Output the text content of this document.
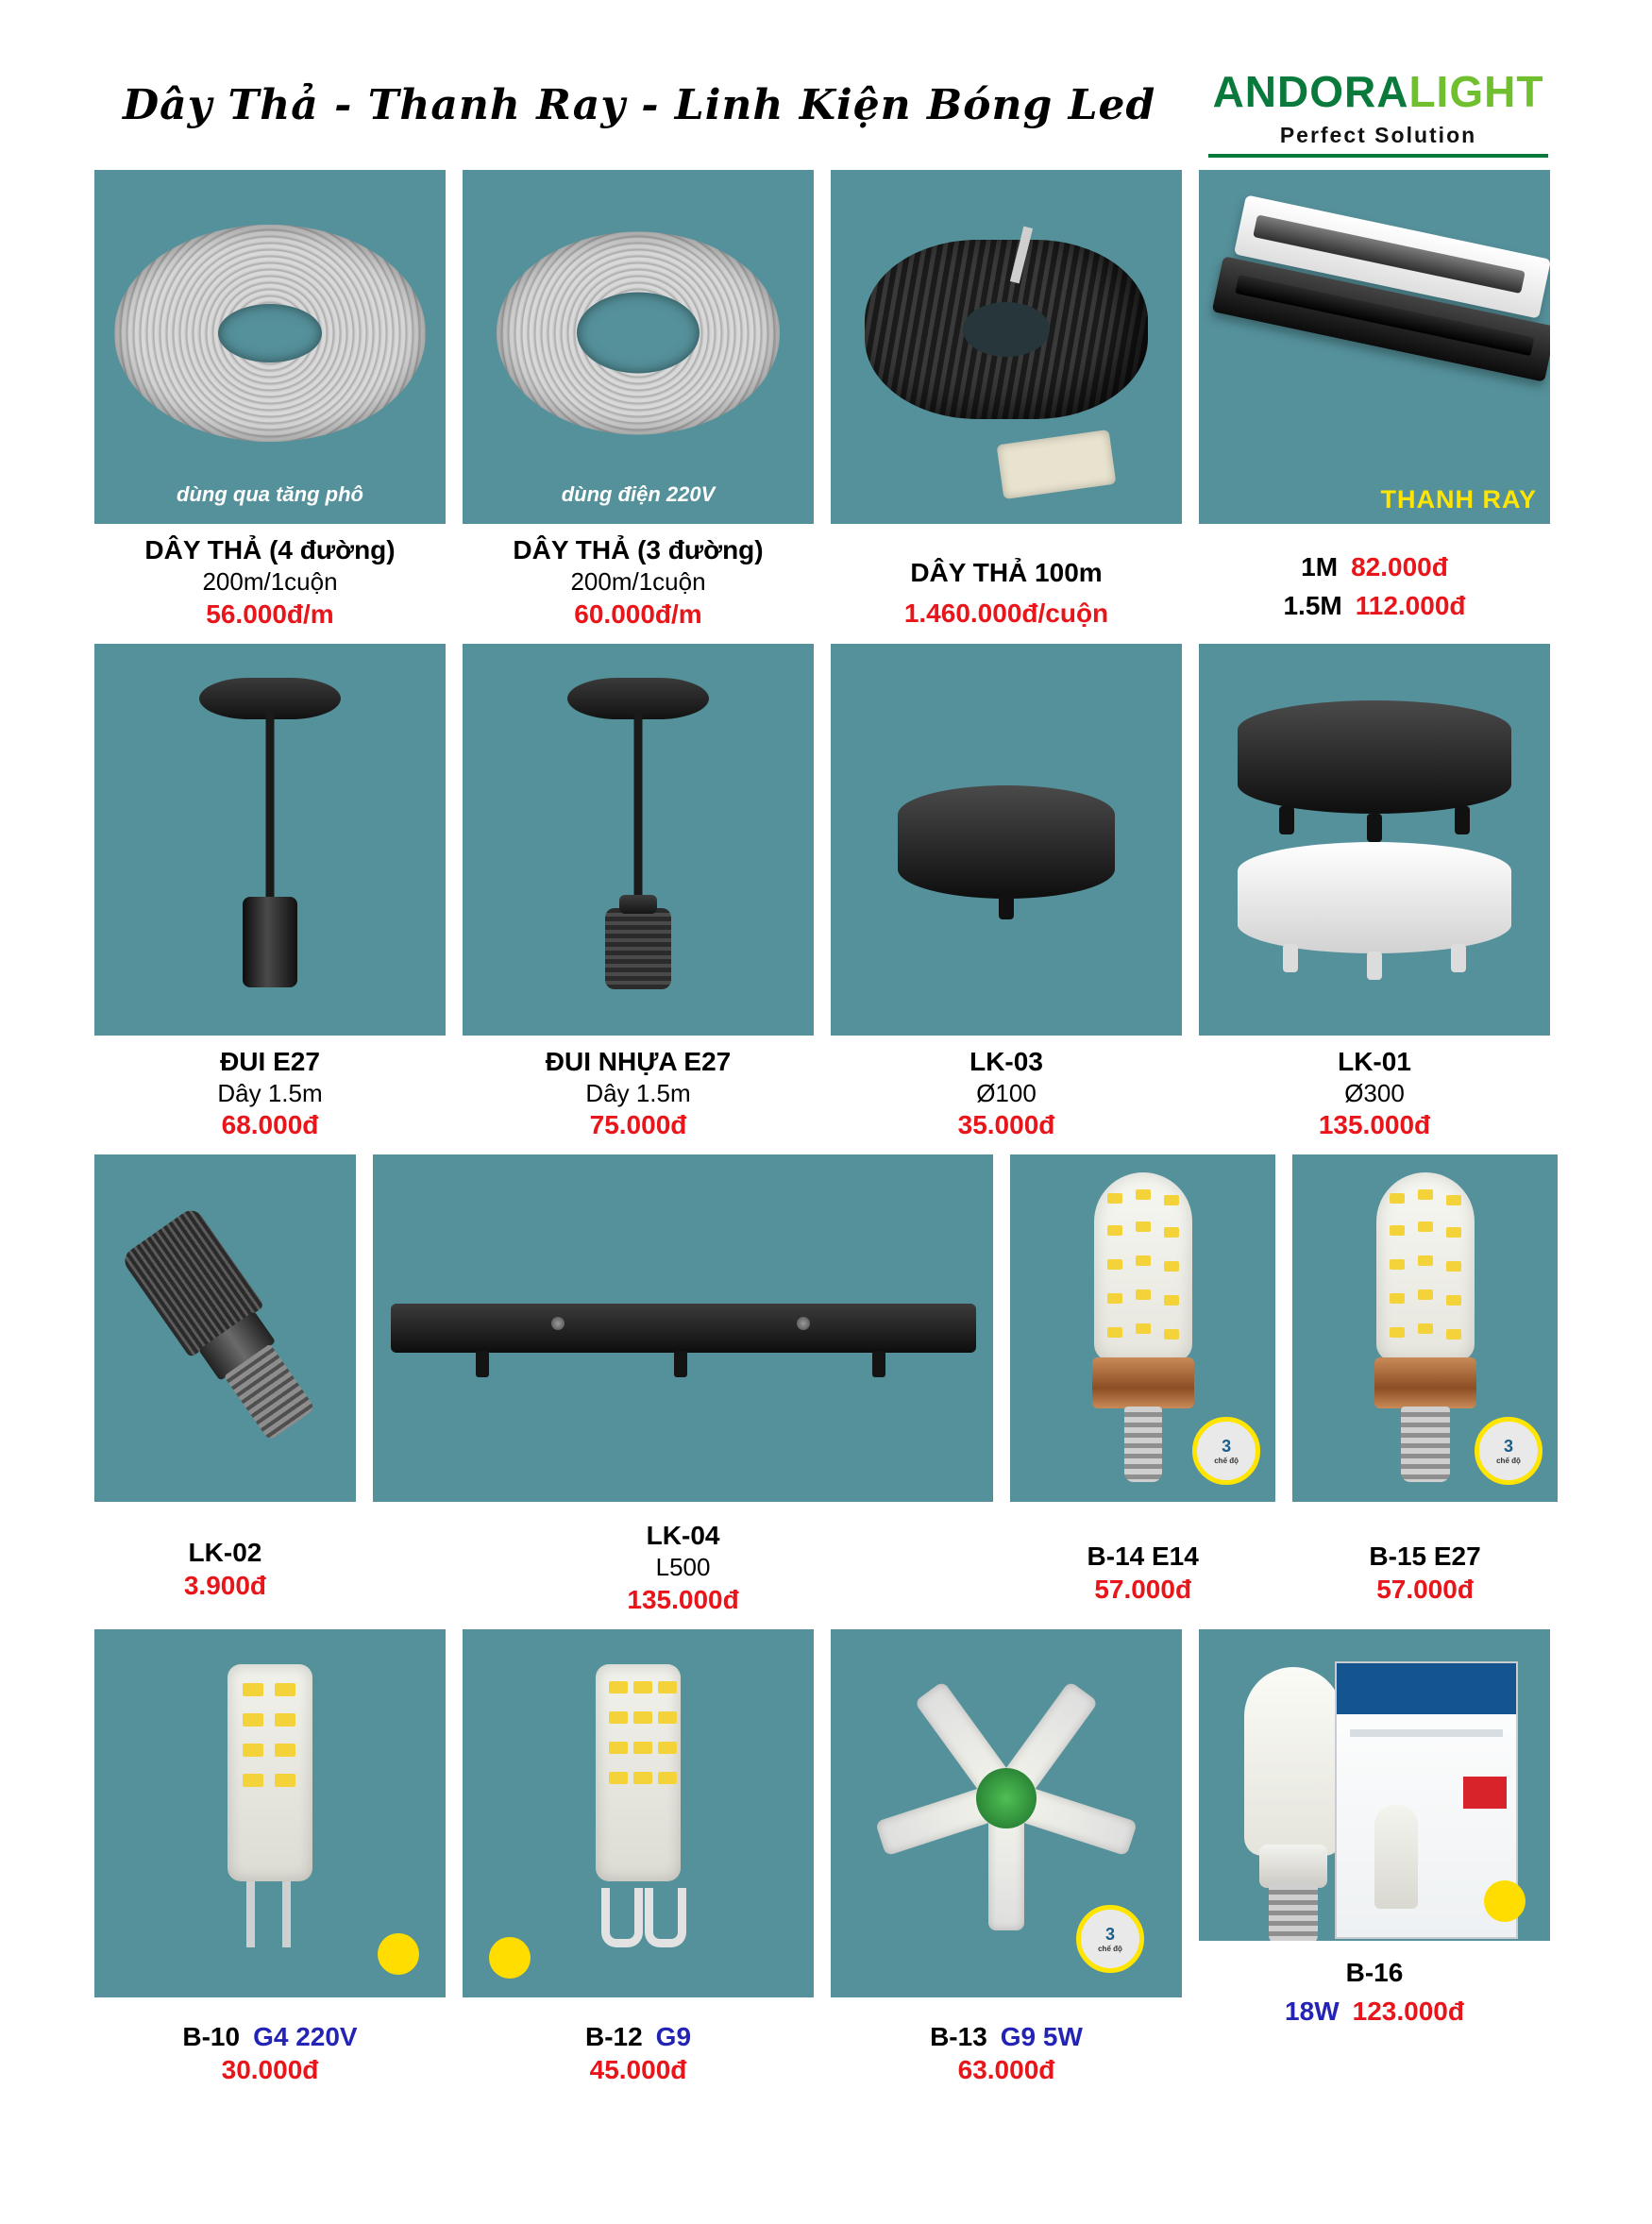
Dây Thả - Thanh Ray - Linh Kiện Bóng Led ANDORALIGHT
Perfect Solution
dùng qua tăng phô
DÂY THẢ (4 đường)
200m/1cuộn
56.000đ/m
dùng điện 220V
DÂY THẢ (3 đường)
200m/1cuộn
60.000đ/m
DÂY THẢ 100m
1.460.000đ/cuộn
THANH RAY
1M 82.000đ
1.5M 112.000đ
ĐUI E27
Dây 1.5m
68.000đ
ĐUI NHỰA E27
Dây 1.5m
75.000đ
LK-03
Ø100
35.000đ
LK-01
Ø300
135.000đ
LK-02
3.900đ
LK-04
L500
135.000đ
3
chế độ
B-14 E14
57.000đ
3
chế độ
B-15 E27
57.000đ
B-10 G4 220V
30.000đ
B-12 G9
45.000đ
3
chế độ
B-13 G9 5W
63.000đ
B-16
18W 123.000đ
